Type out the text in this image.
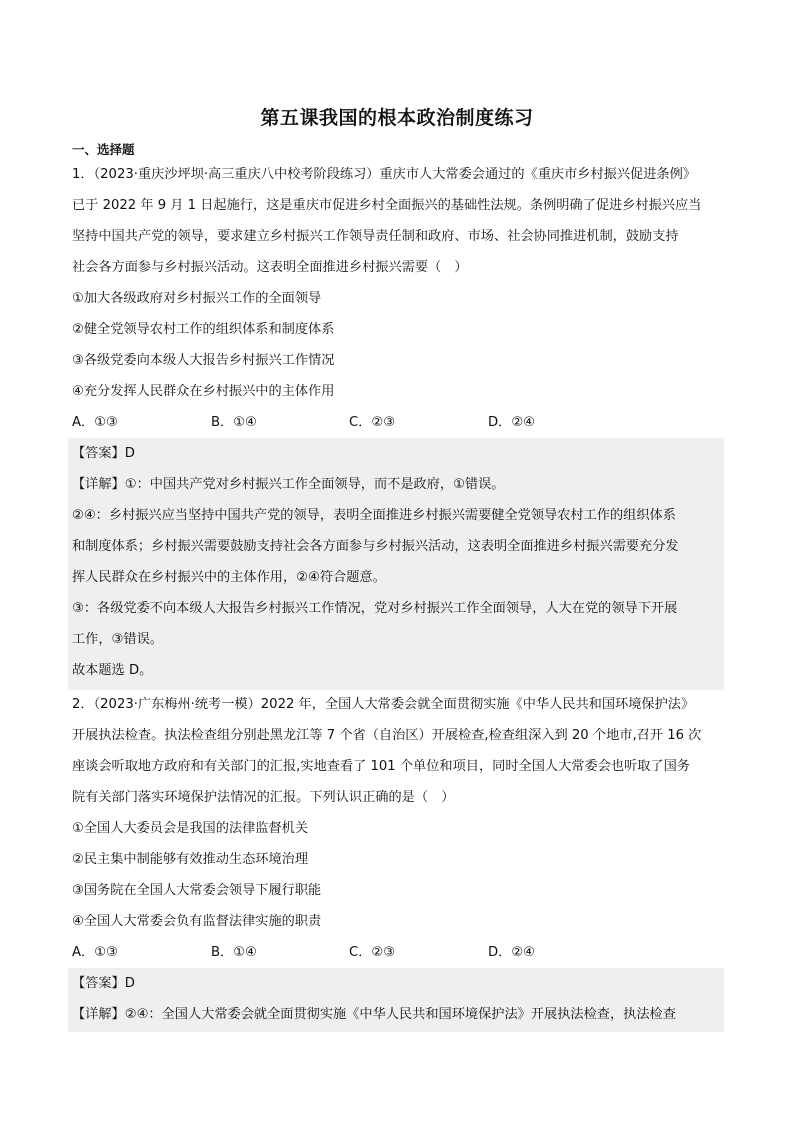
第五课我国的根本政治制度练习
一、选择题
1．（2023·重庆沙坪坝·高三重庆八中校考阶段练习）重庆市人大常委会通过的《重庆市乡村振兴促进条例》
已于 2022 年 9 月 1 日起施行，这是重庆市促进乡村全面振兴的基础性法规。条例明确了促进乡村振兴应当
坚持中国共产党的领导，要求建立乡村振兴工作领导责任制和政府、市场、社会协同推进机制，鼓励支持
社会各方面参与乡村振兴活动。这表明全面推进乡村振兴需要（　）
①加大各级政府对乡村振兴工作的全面领导
②健全党领导农村工作的组织体系和制度体系
③各级党委向本级人大报告乡村振兴工作情况
④充分发挥人民群众在乡村振兴中的主体作用
A．①③	B．①④	C．②③	D．②④
【答案】D
【详解】①：中国共产党对乡村振兴工作全面领导，而不是政府，①错误。
②④：乡村振兴应当坚持中国共产党的领导，表明全面推进乡村振兴需要健全党领导农村工作的组织体系
和制度体系；乡村振兴需要鼓励支持社会各方面参与乡村振兴活动，这表明全面推进乡村振兴需要充分发
挥人民群众在乡村振兴中的主体作用，②④符合题意。
③：各级党委不向本级人大报告乡村振兴工作情况，党对乡村振兴工作全面领导，人大在党的领导下开展
工作，③错误。
故本题选 D。
2．（2023·广东梅州·统考一模）2022 年，全国人大常委会就全面贯彻实施《中华人民共和国环境保护法》
开展执法检查。执法检查组分别赴黑龙江等 7 个省（自治区）开展检查,检查组深入到 20 个地市,召开 16 次
座谈会听取地方政府和有关部门的汇报,实地查看了 101 个单位和项目，同时全国人大常委会也听取了国务
院有关部门落实环境保护法情况的汇报。下列认识正确的是（　）
①全国人大委员会是我国的法律监督机关
②民主集中制能够有效推动生态环境治理
③国务院在全国人大常委会领导下履行职能
④全国人大常委会负有监督法律实施的职责
A．①③	B．①④	C．②③	D．②④
【答案】D
【详解】②④：全国人大常委会就全面贯彻实施《中华人民共和国环境保护法》开展执法检查，执法检查
